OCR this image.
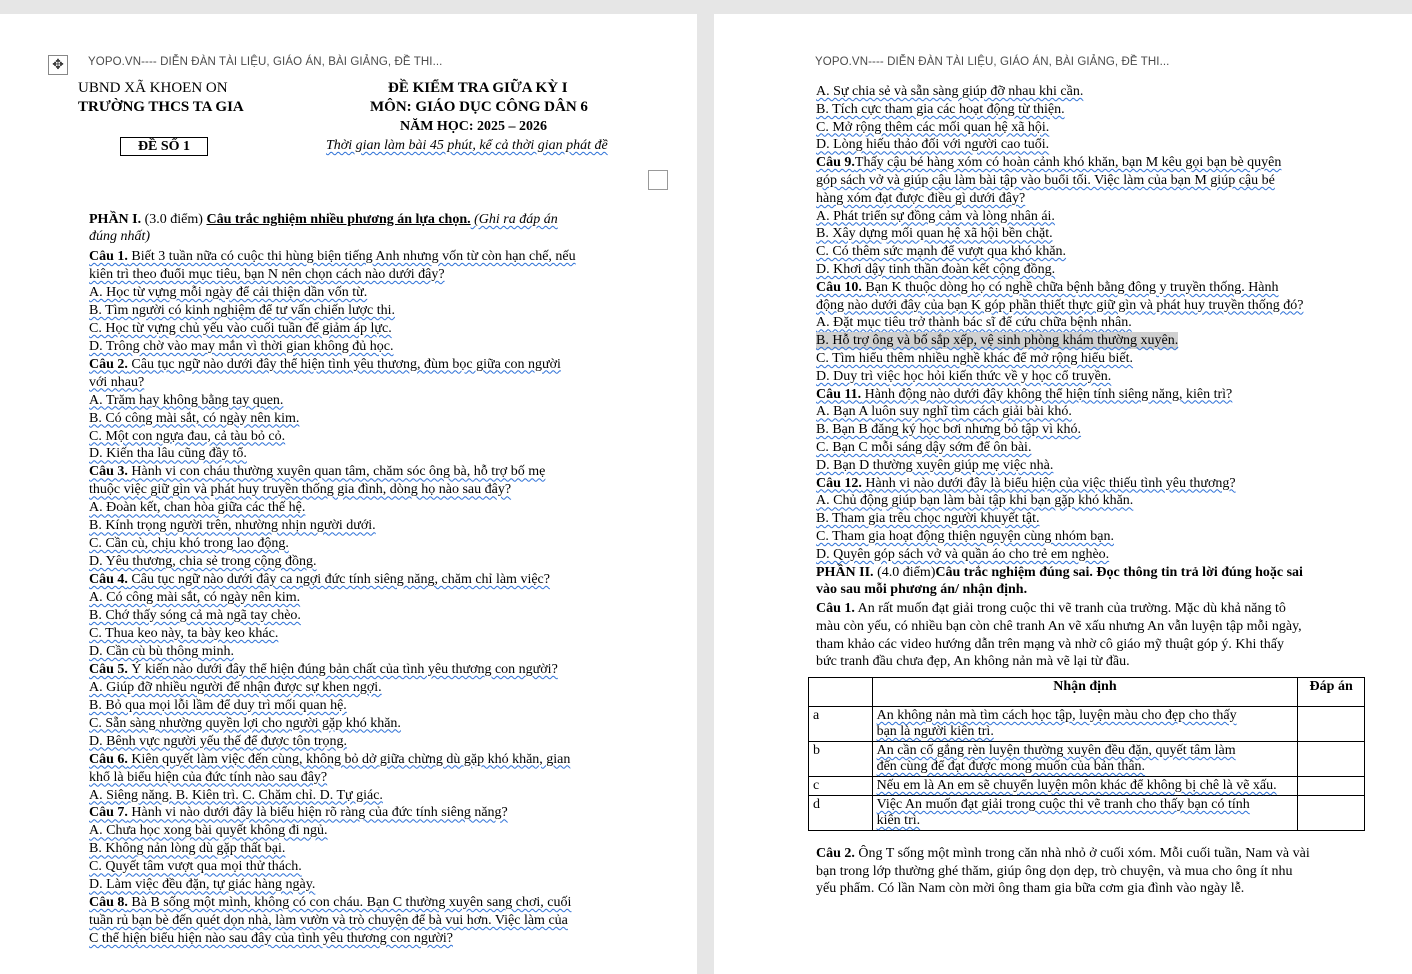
✥	YOPO.VN---- DIỄN ĐÀN TÀI LIỆU, GIÁO ÁN, BÀI GIẢNG, ĐỀ THI...
UBND XÃ KHOEN ON
TRƯỜNG THCS TA GIA
ĐỀ KIỂM TRA GIỮA KỲ I
MÔN: GIÁO DỤC CÔNG DÂN 6
NĂM HỌC: 2025 – 2026
ĐỀ SỐ 1	Thời gian làm bài 45 phút, kể cả thời gian phát đề
PHẦN I. (3.0 điểm) Câu trắc nghiệm nhiều phương án lựa chọn. (Ghi ra đáp án
đúng nhất)
Câu 1. Biết 3 tuần nữa có cuộc thi hùng biện tiếng Anh nhưng vốn từ còn hạn chế, nếu
kiên trì theo đuổi mục tiêu, bạn N nên chọn cách nào dưới đây?
A. Học từ vựng mỗi ngày để cải thiện dần vốn từ.
B. Tìm người có kinh nghiệm để tư vấn chiến lược thi.
C. Học từ vựng chủ yếu vào cuối tuần để giảm áp lực.
D. Trông chờ vào may mắn vì thời gian không đủ học.
Câu 2. Câu tục ngữ nào dưới đây thể hiện tình yêu thương, đùm bọc giữa con người
với nhau?
A. Trăm hay không bằng tay quen.
B. Có công mài sắt, có ngày nên kim.
C. Một con ngựa đau, cả tàu bỏ cỏ.
D. Kiến tha lâu cũng đầy tổ.
Câu 3. Hành vi con cháu thường xuyên quan tâm, chăm sóc ông bà, hỗ trợ bố mẹ
thuộc việc giữ gìn và phát huy truyền thống gia đình, dòng họ nào sau đây?
A. Đoàn kết, chan hòa giữa các thế hệ.
B. Kính trọng người trên, nhường nhịn người dưới.
C. Cần cù, chịu khó trong lao động.
D. Yêu thương, chia sẻ trong cộng đồng.
Câu 4. Câu tục ngữ nào dưới đây ca ngợi đức tính siêng năng, chăm chỉ làm việc?
A. Có công mài sắt, có ngày nên kim.
B. Chớ thấy sóng cả mà ngã tay chèo.
C. Thua keo này, ta bày keo khác.
D. Cần cù bù thông minh.
Câu 5. Ý kiến nào dưới đây thể hiện đúng bản chất của tình yêu thương con người?
A. Giúp đỡ nhiều người để nhận được sự khen ngợi.
B. Bỏ qua mọi lỗi lầm để duy trì mối quan hệ.
C. Sẵn sàng nhường quyền lợi cho người gặp khó khăn.
D. Bênh vực người yếu thế để được tôn trọng.
Câu 6. Kiên quyết làm việc đến cùng, không bỏ dở giữa chừng dù gặp khó khăn, gian
khổ là biểu hiện của đức tính nào sau đây?
A. Siêng năng. B. Kiên trì. C. Chăm chỉ. D. Tự giác.
Câu 7. Hành vi nào dưới đây là biểu hiện rõ ràng của đức tính siêng năng?
A. Chưa học xong bài quyết không đi ngủ.
B. Không nản lòng dù gặp thất bại.
C. Quyết tâm vượt qua mọi thử thách.
D. Làm việc đều đặn, tự giác hàng ngày.
Câu 8. Bà B sống một mình, không có con cháu. Bạn C thường xuyên sang chơi, cuối
tuần rủ bạn bè đến quét dọn nhà, làm vườn và trò chuyện để bà vui hơn. Việc làm của
C thể hiện biểu hiện nào sau đây của tình yêu thương con người?
YOPO.VN---- DIỄN ĐÀN TÀI LIỆU, GIÁO ÁN, BÀI GIẢNG, ĐỀ THI...
A. Sự chia sẻ và sẵn sàng giúp đỡ nhau khi cần.
B. Tích cực tham gia các hoạt động từ thiện.
C. Mở rộng thêm các mối quan hệ xã hội.
D. Lòng hiếu thảo đối với người cao tuổi.
Câu 9.Thấy cậu bé hàng xóm có hoàn cảnh khó khăn, bạn M kêu gọi bạn bè quyên
góp sách vở và giúp cậu làm bài tập vào buổi tối. Việc làm của bạn M giúp cậu bé
hàng xóm đạt được điều gì dưới đây?
A. Phát triển sự đồng cảm và lòng nhân ái.
B. Xây dựng mối quan hệ xã hội bền chặt.
C. Có thêm sức mạnh để vượt qua khó khăn.
D. Khơi dậy tinh thần đoàn kết cộng đồng.
Câu 10. Bạn K thuộc dòng họ có nghề chữa bệnh bằng đông y truyền thống. Hành
động nào dưới đây của bạn K góp phần thiết thực giữ gìn và phát huy truyền thống đó?
A. Đặt mục tiêu trở thành bác sĩ để cứu chữa bệnh nhân.
B. Hỗ trợ ông và bố sắp xếp, vệ sinh phòng khám thường xuyên.
C. Tìm hiểu thêm nhiều nghề khác để mở rộng hiểu biết.
D. Duy trì việc học hỏi kiến thức về y học cổ truyền.
Câu 11. Hành động nào dưới đây không thể hiện tính siêng năng, kiên trì?
A. Bạn A luôn suy nghĩ tìm cách giải bài khó.
B. Bạn B đăng ký học bơi nhưng bỏ tập vì khó.
C. Bạn C mỗi sáng dậy sớm để ôn bài.
D. Bạn D thường xuyên giúp mẹ việc nhà.
Câu 12. Hành vi nào dưới đây là biểu hiện của việc thiếu tình yêu thương?
A. Chủ động giúp bạn làm bài tập khi bạn gặp khó khăn.
B. Tham gia trêu chọc người khuyết tật.
C. Tham gia hoạt động thiện nguyện cùng nhóm bạn.
D. Quyên góp sách vở và quần áo cho trẻ em nghèo.
PHẦN II. (4.0 điểm)Câu trắc nghiệm đúng sai. Đọc thông tin trả lời đúng hoặc sai
vào sau mỗi phương án/ nhận định.
Câu 1. An rất muốn đạt giải trong cuộc thi vẽ tranh của trường. Mặc dù khả năng tô
màu còn yếu, có nhiều bạn còn chê tranh An vẽ xấu nhưng An vẫn luyện tập mỗi ngày,
tham khảo các video hướng dẫn trên mạng và nhờ cô giáo mỹ thuật góp ý. Khi thấy
bức tranh đầu chưa đẹp, An không nản mà vẽ lại từ đầu.
	Nhận định	Đáp án
a	An không nản mà tìm cách học tập, luyện màu cho đẹp cho thấy
bạn là người kiên trì.	
b	An cần cố gắng rèn luyện thường xuyên đều đặn, quyết tâm làm
đến cùng để đạt được mong muốn của bản thân.	
c	Nếu em là An em sẽ chuyển luyện môn khác để không bị chê là vẽ xấu.	
d	Việc An muốn đạt giải trong cuộc thi vẽ tranh cho thấy bạn có tính
kiên trì.	
Câu 2. Ông T sống một mình trong căn nhà nhỏ ở cuối xóm. Mỗi cuối tuần, Nam và vài
bạn trong lớp thường ghé thăm, giúp ông dọn dẹp, trò chuyện, và mua cho ông ít nhu
yếu phẩm. Có lần Nam còn mời ông tham gia bữa cơm gia đình vào ngày lễ.
